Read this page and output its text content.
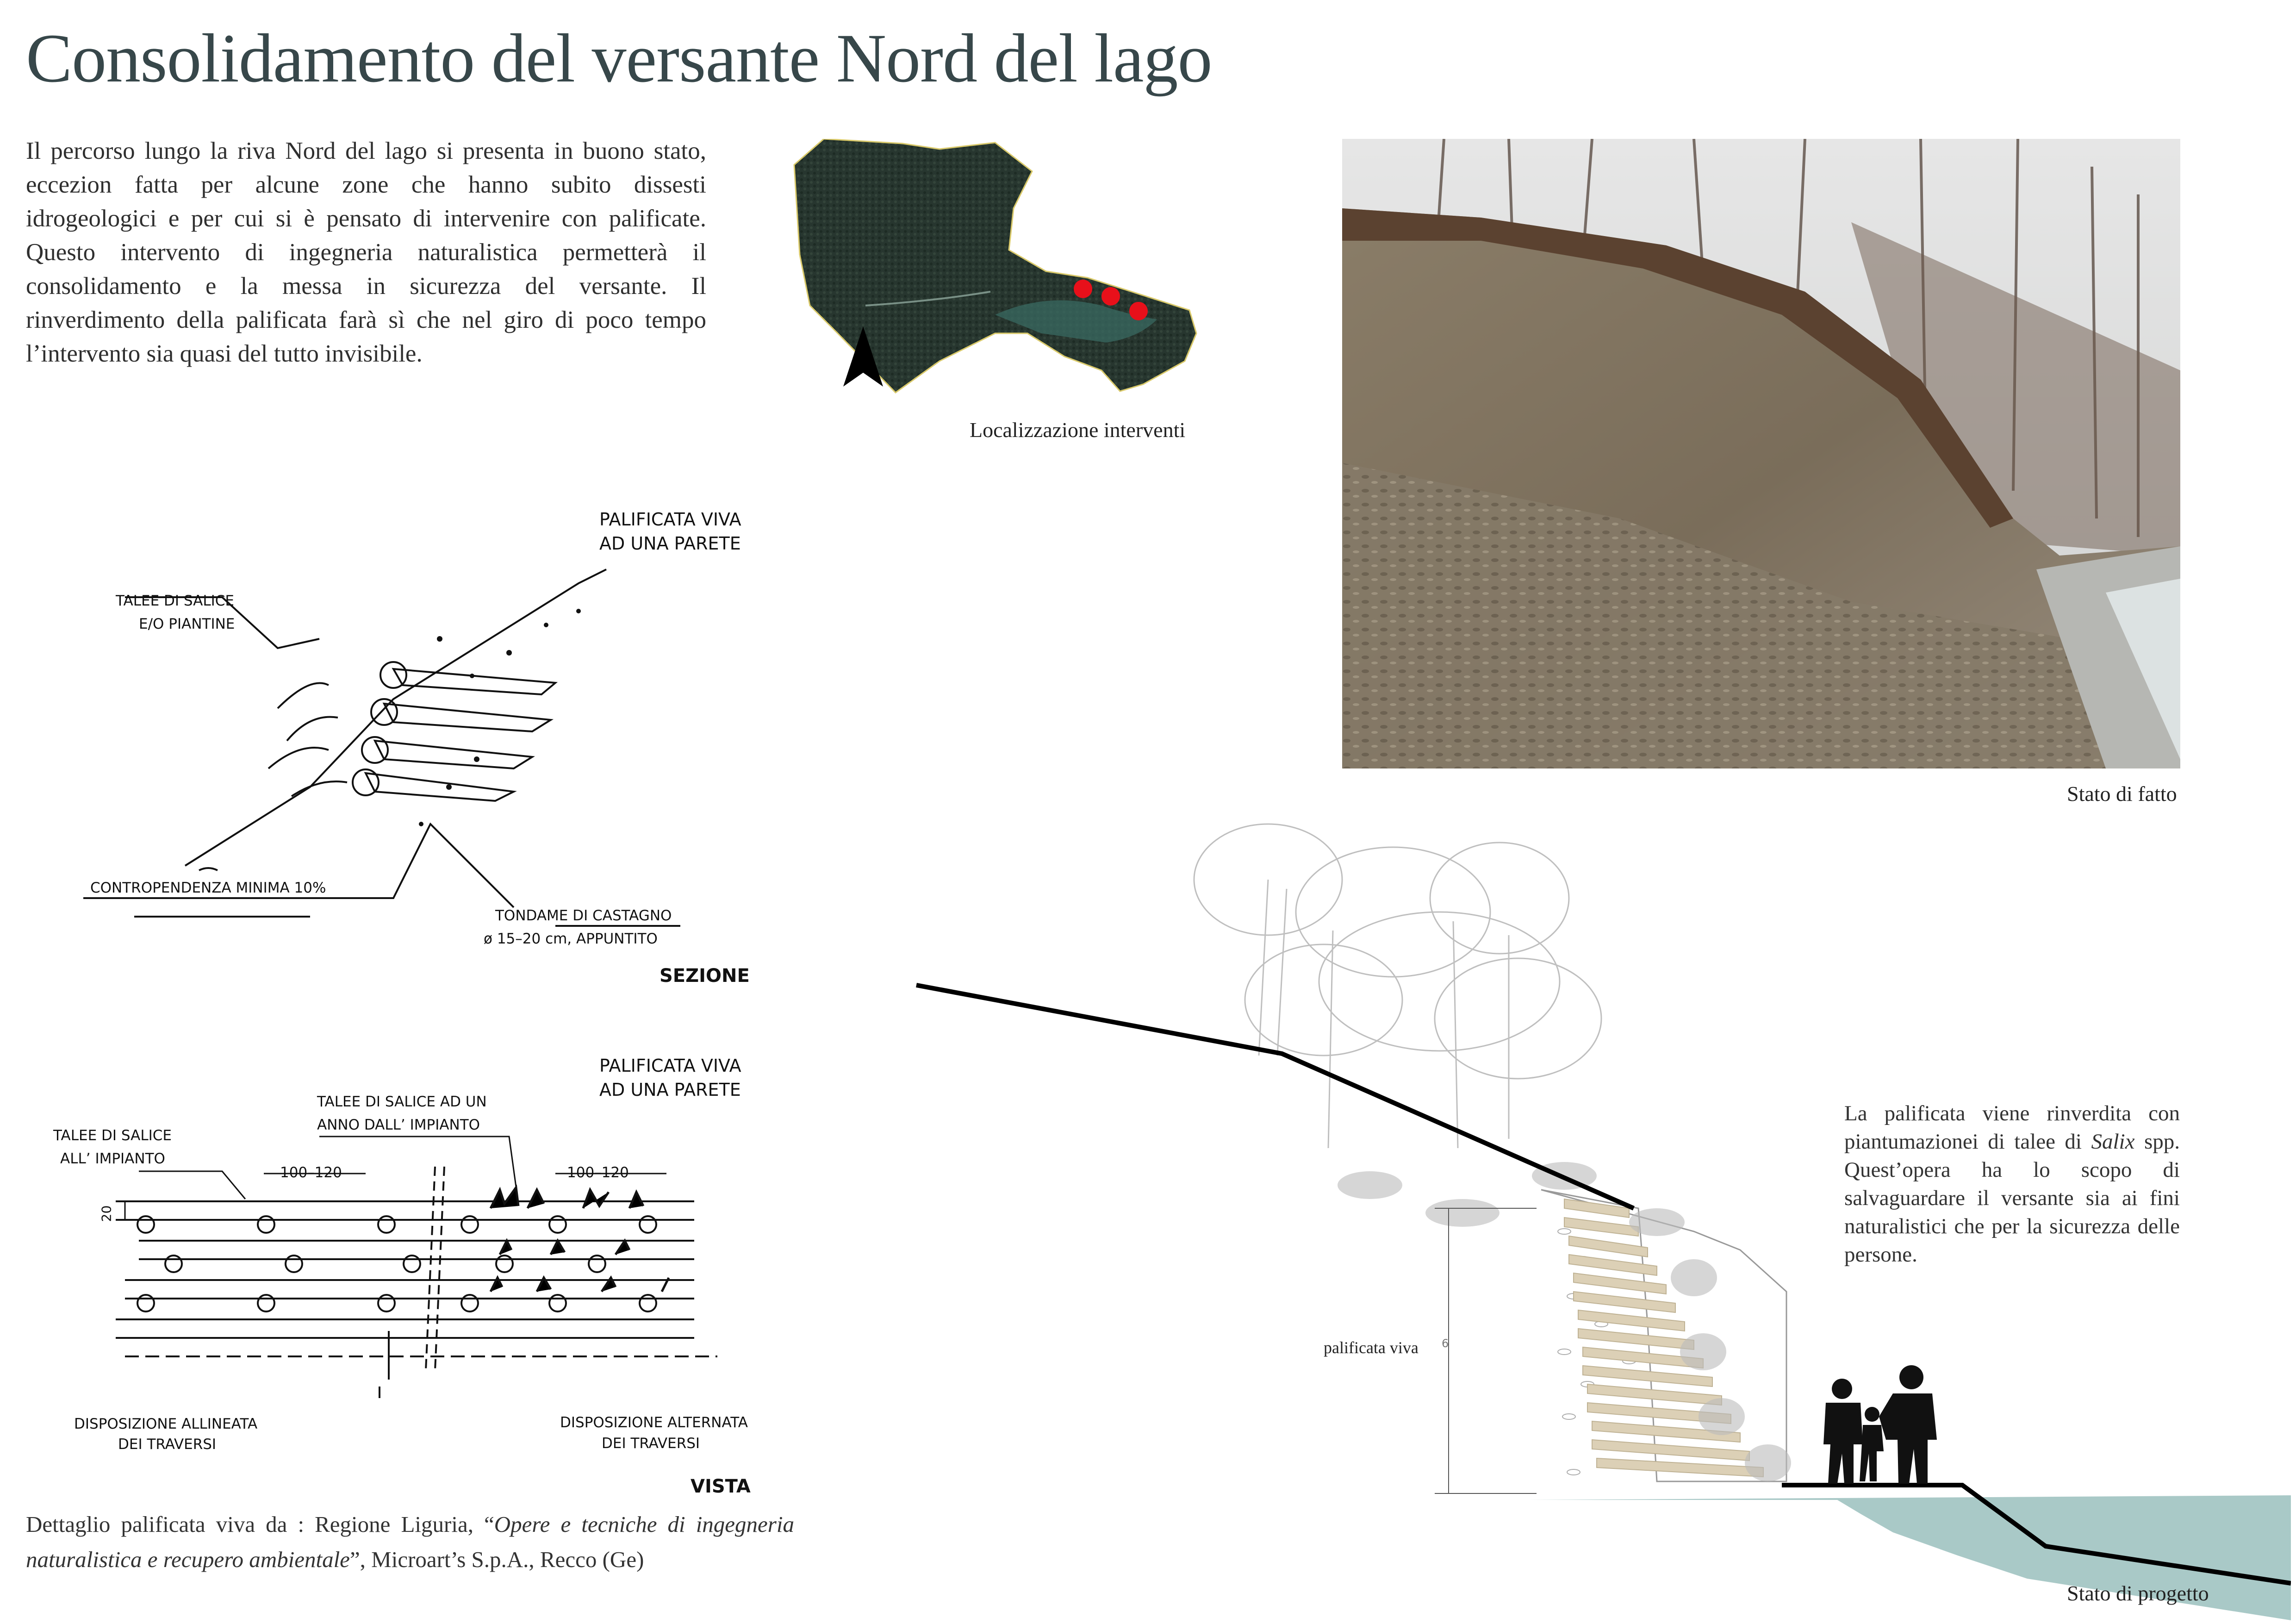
Consolidamento del versante Nord del lago
Il percorso lungo la riva Nord del lago si presenta in buono stato, eccezion fatta per alcune zone che hanno subito dissesti idrogeologici e per cui si è pensato di intervenire con palificate. Questo intervento di ingegneria naturalistica permetterà il consolidamento e la messa in sicurezza del versante. Il rinverdimento della palificata farà sì che nel giro di poco tempo l’intervento sia quasi del tutto invisibile.
Localizzazione interventi
Stato di fatto
PALIFICATA VIVA
AD UNA PARETE
TALEE DI SALICE
E/O PIANTINE
CONTROPENDENZA MINIMA 10%
TONDAME DI CASTAGNO
ø 15–20 cm, APPUNTITO
SEZIONE
PALIFICATA VIVA
AD UNA PARETE
TALEE DI SALICE AD UN
ANNO DALL’ IMPIANTO
TALEE DI SALICE
ALL’ IMPIANTO
100–120	100–120
20
DISPOSIZIONE ALLINEATA
DEI TRAVERSI
DISPOSIZIONE ALTERNATA
DEI TRAVERSI
VISTA
Dettaglio palificata viva da : Regione Liguria, “Opere e tecniche di ingegneria naturalistica e recupero ambientale”, Microart’s S.p.A., Recco (Ge)
palificata viva 6
Stato di progetto
La palificata viene rinverdita con piantumazionei di talee di Salix spp. Quest’opera ha lo scopo di salvaguardare il versante sia ai fini naturalistici che per la sicurezza delle persone.
